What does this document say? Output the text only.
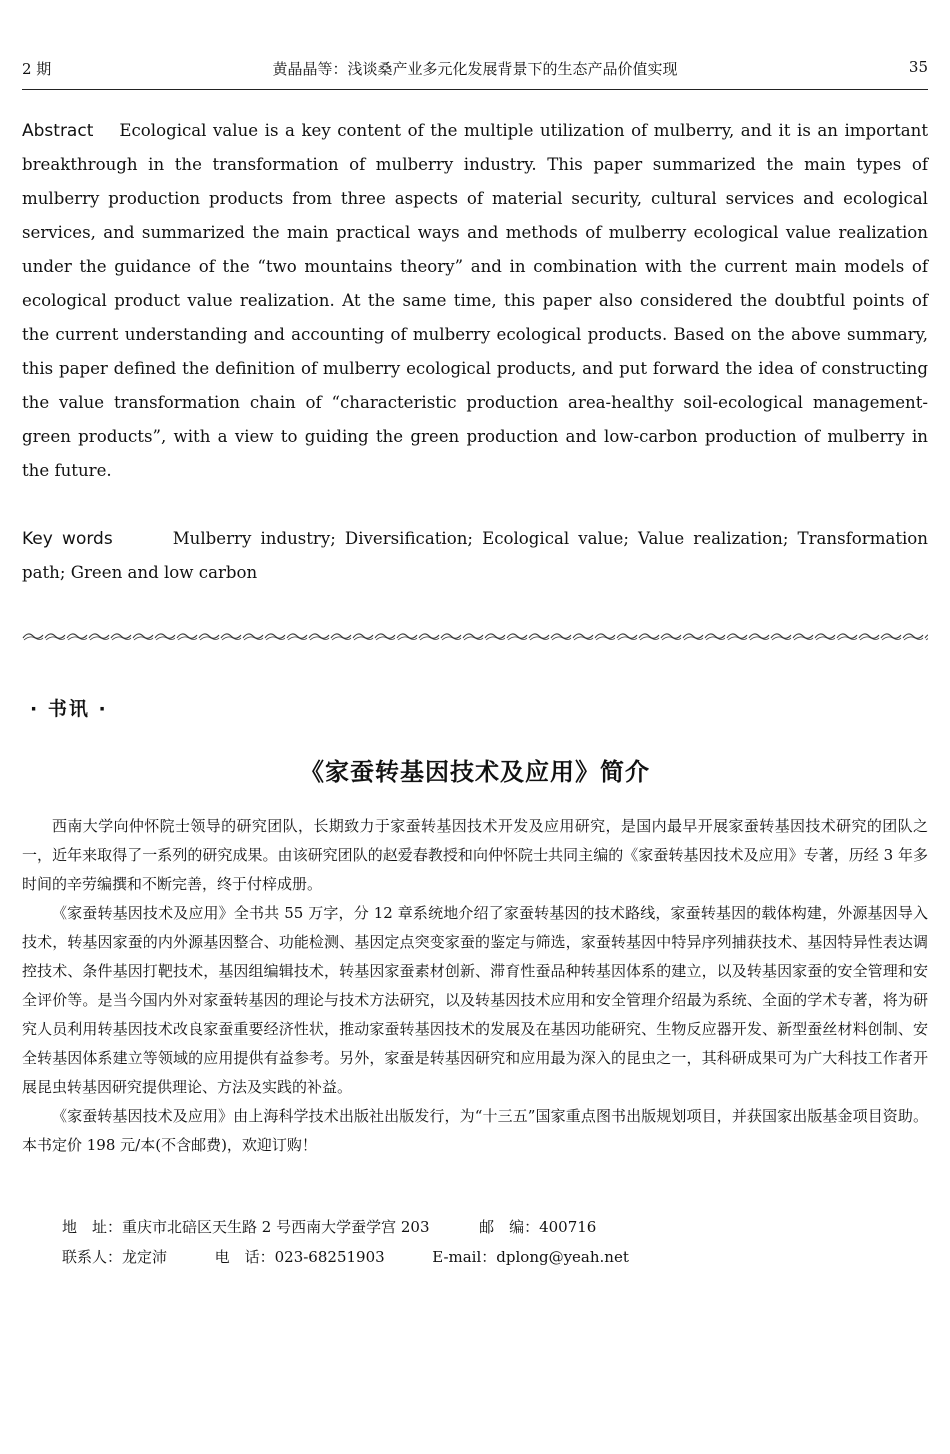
2 期	黄晶晶等：浅谈桑产业多元化发展背景下的生态产品价值实现	35
Abstract Ecological value is a key content of the multiple utilization of mulberry, and it is an important breakthrough in the transformation of mulberry industry. This paper summarized the main types of mulberry production products from three aspects of material security, cultural services and ecological services, and summarized the main practical ways and methods of mulberry ecological value realization under the guidance of the “two mountains theory” and in combination with the current main models of ecological product value realization. At the same time, this paper also considered the doubtful points of the current understanding and accounting of mulberry ecological products. Based on the above summary, this paper defined the definition of mulberry ecological products, and put forward the idea of constructing the value transformation chain of “characteristic production area-healthy soil-ecological management-green products”, with a view to guiding the green production and low-carbon production of mulberry in the future.
Key words	Mulberry industry; Diversification; Ecological value; Value realization; Transformation path; Green and low carbon
· 书讯 ·
《家蚕转基因技术及应用》简介

西南大学向仲怀院士领导的研究团队，长期致力于家蚕转基因技术开发及应用研究，是国内最早开展家蚕转基因技术研究的团队之一，近年来取得了一系列的研究成果。由该研究团队的赵爱春教授和向仲怀院士共同主编的《家蚕转基因技术及应用》专著，历经 3 年多时间的辛劳编撰和不断完善，终于付梓成册。

《家蚕转基因技术及应用》全书共 55 万字，分 12 章系统地介绍了家蚕转基因的技术路线，家蚕转基因的载体构建，外源基因导入技术，转基因家蚕的内外源基因整合、功能检测、基因定点突变家蚕的鉴定与筛选，家蚕转基因中特异序列捕获技术、基因特异性表达调控技术、条件基因打靶技术，基因组编辑技术，转基因家蚕素材创新、滞育性蚕品种转基因体系的建立，以及转基因家蚕的安全管理和安全评价等。是当今国内外对家蚕转基因的理论与技术方法研究，以及转基因技术应用和安全管理介绍最为系统、全面的学术专著，将为研究人员利用转基因技术改良家蚕重要经济性状，推动家蚕转基因技术的发展及在基因功能研究、生物反应器开发、新型蚕丝材料创制、安全转基因体系建立等领域的应用提供有益参考。另外，家蚕是转基因研究和应用最为深入的昆虫之一，其科研成果可为广大科技工作者开展昆虫转基因研究提供理论、方法及实践的补益。

《家蚕转基因技术及应用》由上海科学技术出版社出版发行，为“十三五”国家重点图书出版规划项目，并获国家出版基金项目资助。本书定价 198 元/本(不含邮费)，欢迎订购！

地　址：重庆市北碚区天生路 2 号西南大学蚕学宫 203	邮　编：400716
联系人：龙定沛	电　话：023-68251903	E-mail：dplong@yeah.net
